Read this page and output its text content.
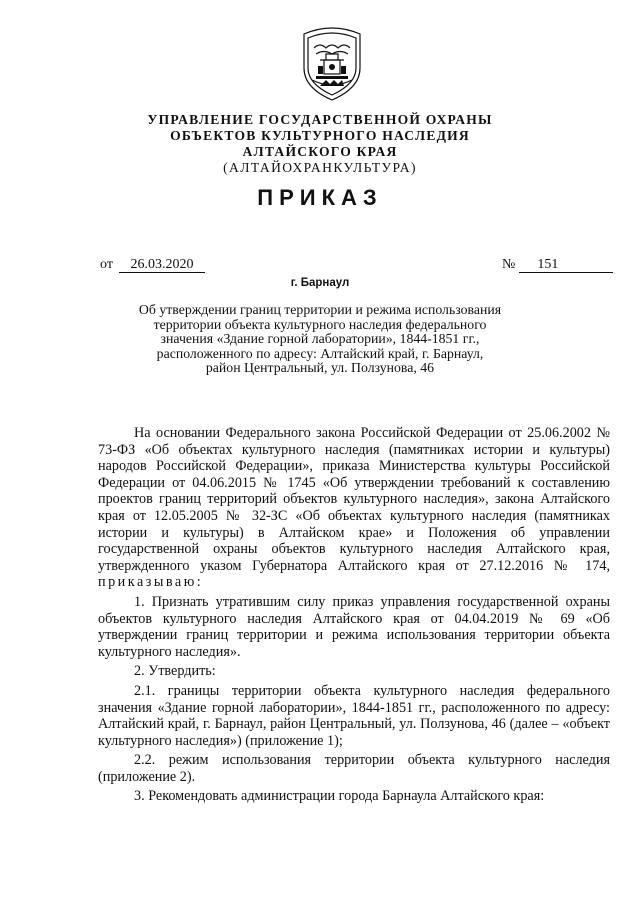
УПРАВЛЕНИЕ ГОСУДАРСТВЕННОЙ ОХРАНЫ
ОБЪЕКТОВ КУЛЬТУРНОГО НАСЛЕДИЯ
АЛТАЙСКОГО КРАЯ
(АЛТАЙОХРАНКУЛЬТУРА)
ПРИКАЗ
от 26.03.2020	№ 151
г. Барнаул
Об утверждении границ территории и режима использования
территории объекта культурного наследия федерального
значения «Здание горной лаборатории», 1844-1851 гг.,
расположенного по адресу: Алтайский край, г. Барнаул,
район Центральный, ул. Ползунова, 46

На основании Федерального закона Российской Федерации от 25.06.2002 № 73-ФЗ «Об объектах культурного наследия (памятниках истории и культуры) народов Российской Федерации», приказа Министерства культуры Российской Федерации от 04.06.2015 № 1745 «Об утверждении требований к составлению проектов границ территорий объектов культурного наследия», закона Алтайского края от 12.05.2005 № 32-ЗС «Об объектах культурного наследия (памятниках истории и культуры) в Алтайском крае» и Положения об управлении государственной охраны объектов культурного наследия Алтайского края, утвержденного указом Губернатора Алтайского края от 27.12.2016 № 174, приказываю:

1. Признать утратившим силу приказ управления государственной охраны объектов культурного наследия Алтайского края от 04.04.2019 № 69 «Об утверждении границ территории и режима использования территории объекта культурного наследия».

2. Утвердить:

2.1. границы территории объекта культурного наследия федерального значения «Здание горной лаборатории», 1844-1851 гг., расположенного по адресу: Алтайский край, г. Барнаул, район Центральный, ул. Ползунова, 46 (далее – «объект культурного наследия») (приложение 1);

2.2. режим использования территории объекта культурного наследия (приложение 2).

3. Рекомендовать администрации города Барнаула Алтайского края:
